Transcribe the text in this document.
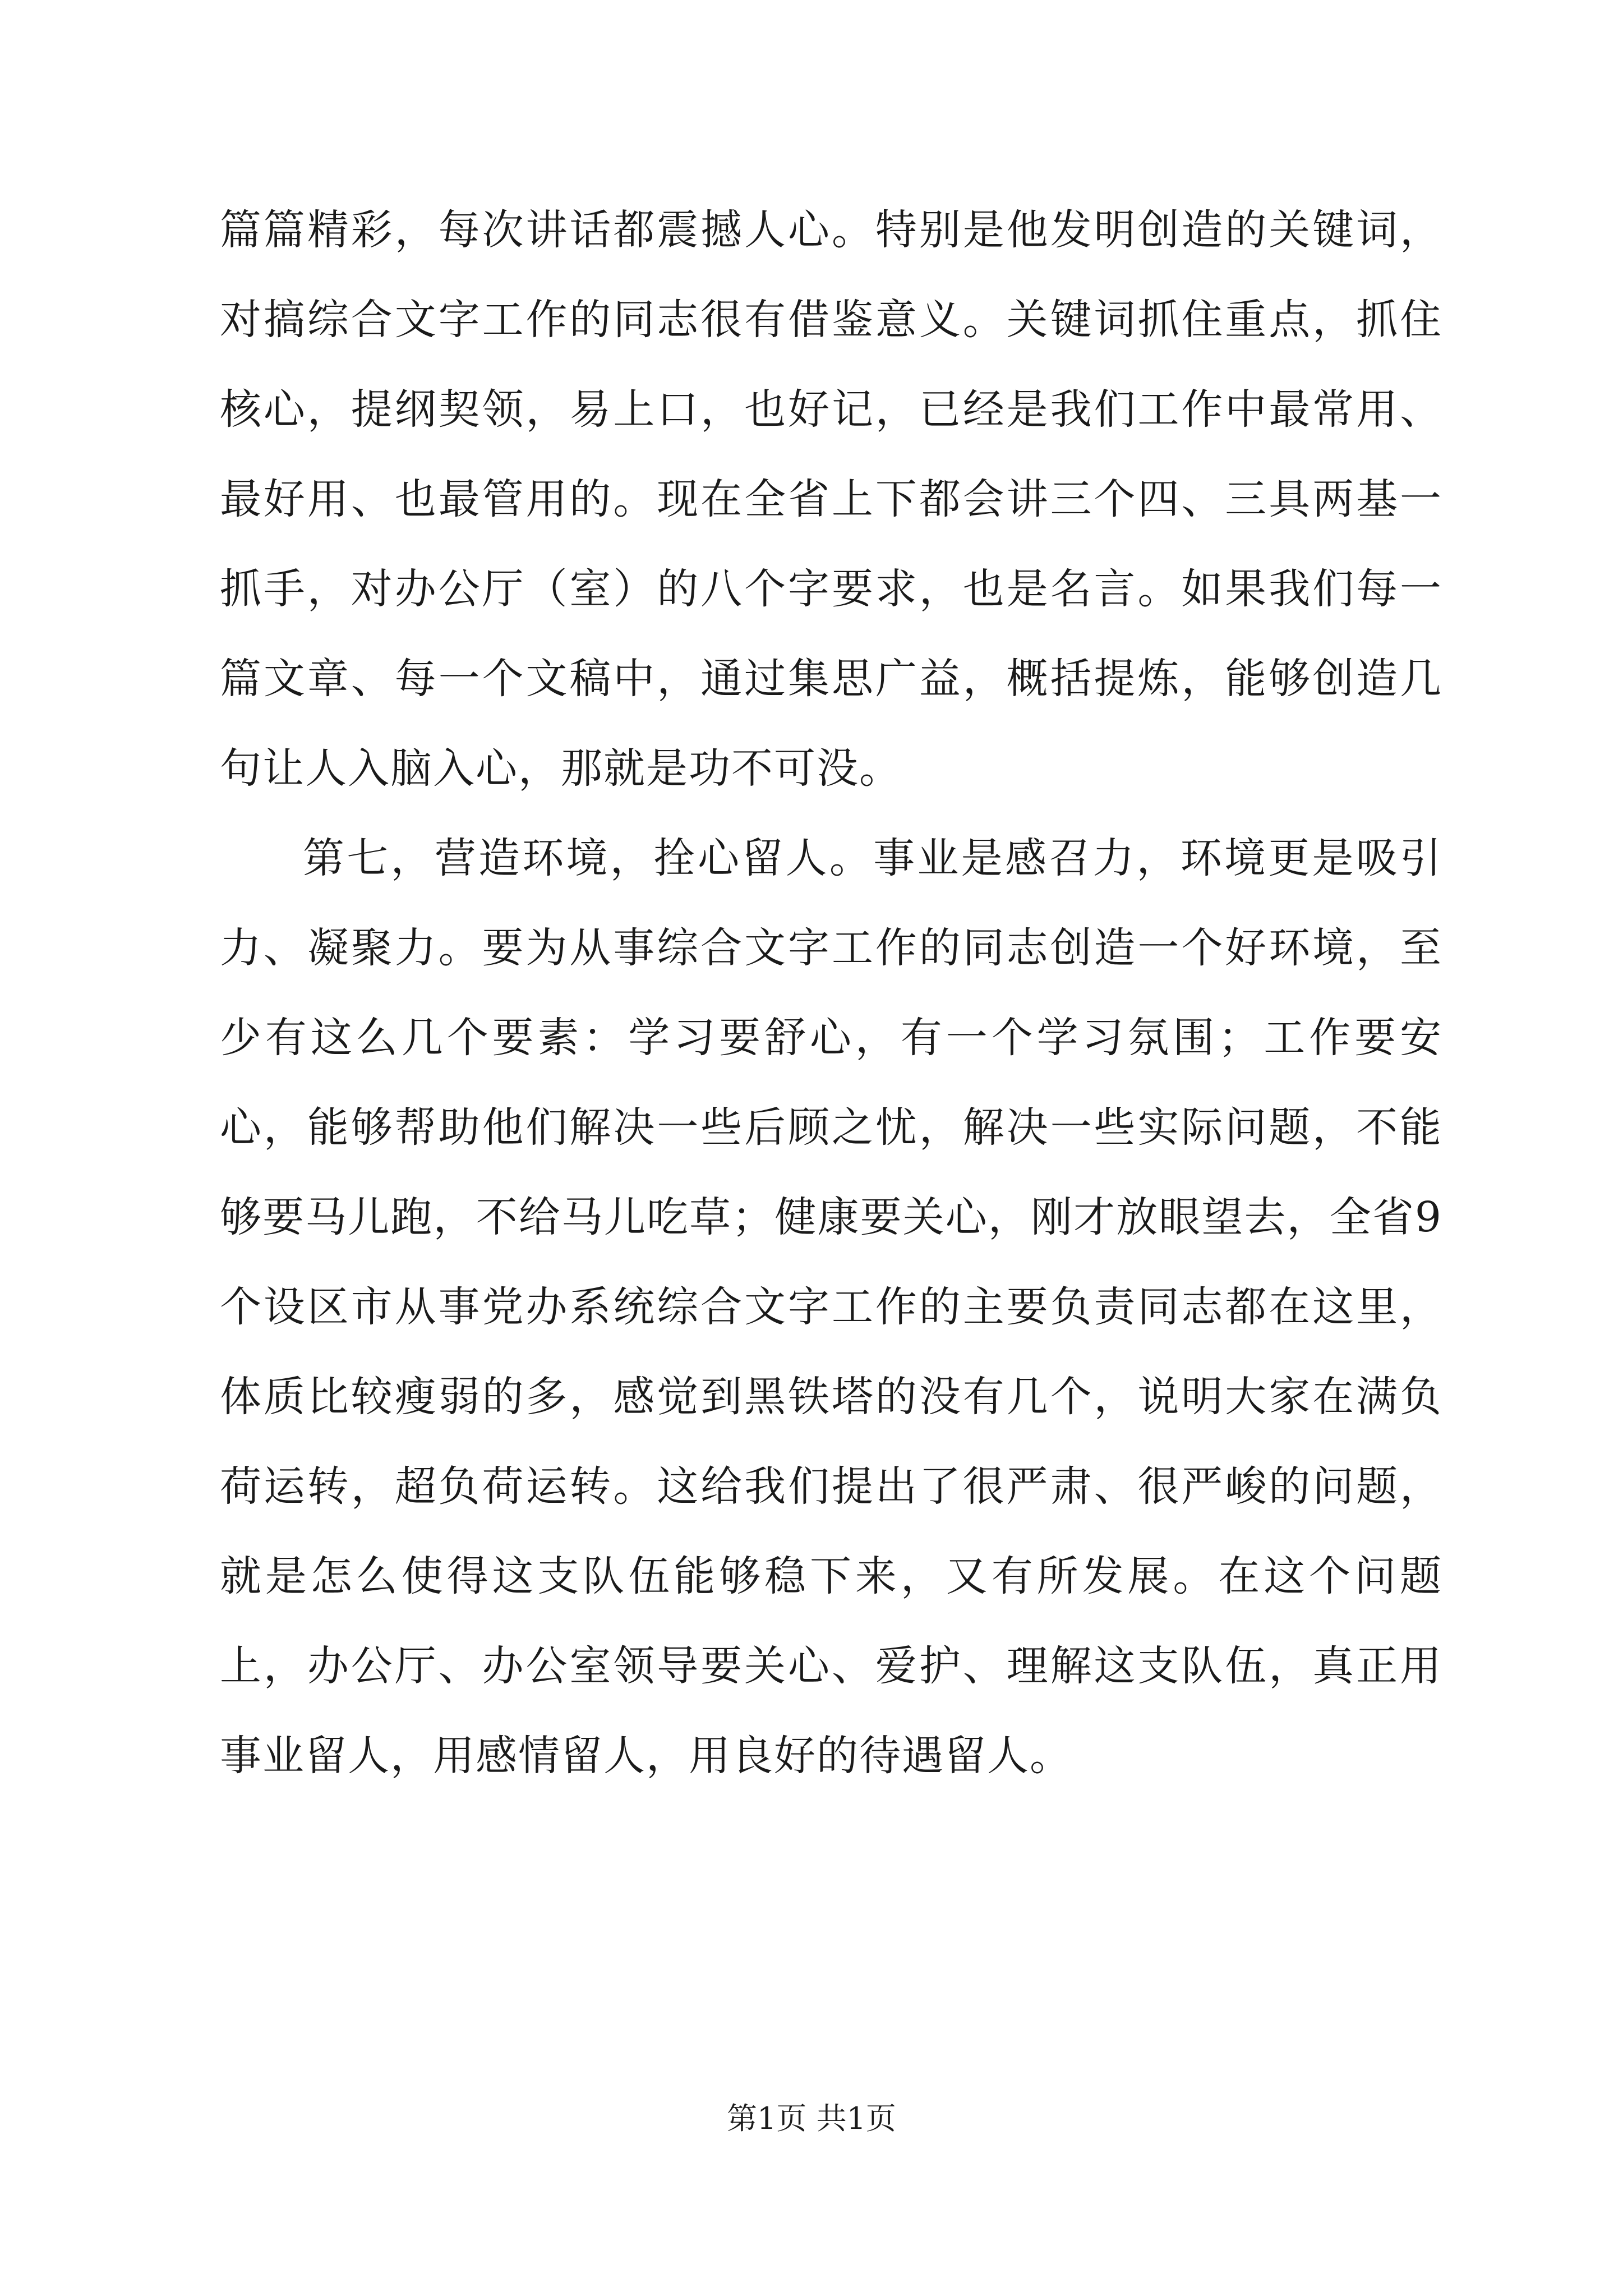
篇篇精彩，每次讲话都震撼人心。特别是他发明创造的关键词，对搞综合文字工作的同志很有借鉴意义。关键词抓住重点，抓住核心，提纲契领，易上口，也好记，已经是我们工作中最常用、最好用、也最管用的。现在全省上下都会讲三个四、三具两基一抓手，对办公厅（室）的八个字要求，也是名言。如果我们每一篇文章、每一个文稿中，通过集思广益，概括提炼，能够创造几句让人入脑入心，那就是功不可没。

第七，营造环境，拴心留人。事业是感召力，环境更是吸引力、凝聚力。要为从事综合文字工作的同志创造一个好环境，至少有这么几个要素：学习要舒心，有一个学习氛围；工作要安心，能够帮助他们解决一些后顾之忧，解决一些实际问题，不能够要马儿跑，不给马儿吃草；健康要关心，刚才放眼望去，全省9个设区市从事党办系统综合文字工作的主要负责同志都在这里，体质比较瘦弱的多，感觉到黑铁塔的没有几个，说明大家在满负荷运转，超负荷运转。这给我们提出了很严肃、很严峻的问题，就是怎么使得这支队伍能够稳下来，又有所发展。在这个问题上，办公厅、办公室领导要关心、爱护、理解这支队伍，真正用事业留人，用感情留人，用良好的待遇留人。

第1页 共1页
